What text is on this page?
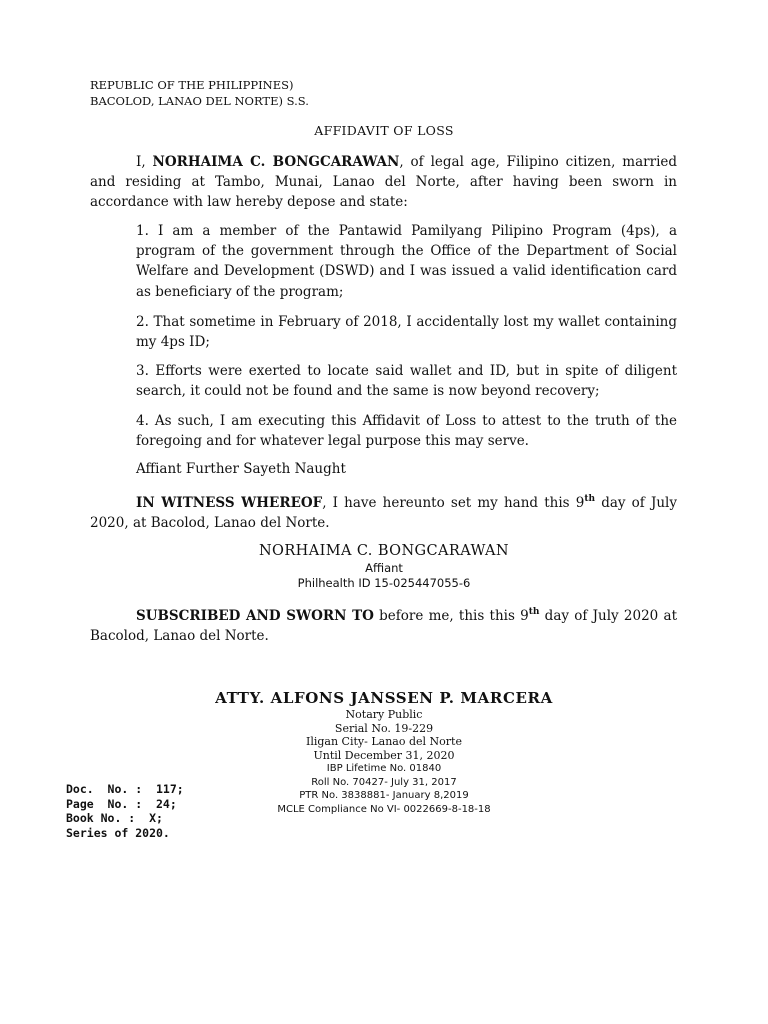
REPUBLIC OF THE PHILIPPINES)
BACOLOD, LANAO DEL NORTE) S.S.
AFFIDAVIT OF LOSS
I, NORHAIMA C. BONGCARAWAN, of legal age, Filipino citizen, married and residing at Tambo, Munai, Lanao del Norte, after having been sworn in accordance with law hereby depose and state:
1. I am a member of the Pantawid Pamilyang Pilipino Program (4ps), a program of the government through the Office of the Department of Social Welfare and Development (DSWD) and I was issued a valid identification card as beneficiary of the program;
2. That sometime in February of 2018, I accidentally lost my wallet containing my 4ps ID;
3. Efforts were exerted to locate said wallet and ID, but in spite of diligent search, it could not be found and the same is now beyond recovery;
4. As such, I am executing this Affidavit of Loss to attest to the truth of the foregoing and for whatever legal purpose this may serve.
Affiant Further Sayeth Naught
IN WITNESS WHEREOF, I have hereunto set my hand this 9th day of July 2020, at Bacolod, Lanao del Norte.
NORHAIMA C. BONGCARAWAN
Affiant
Philhealth ID 15-025447055-6
SUBSCRIBED AND SWORN TO before me, this this 9th day of July 2020 at Bacolod, Lanao del Norte.
ATTY. ALFONS JANSSEN P. MARCERA
Notary Public
Serial No. 19-229
Iligan City- Lanao del Norte
Until December 31, 2020
IBP Lifetime No. 01840
Roll No. 70427- July 31, 2017
PTR No. 3838881- January 8,2019
MCLE Compliance No VI- 0022669-8-18-18
Doc.  No. :  117;
Page  No. :  24;
Book No. :  X;
Series of 2020.
